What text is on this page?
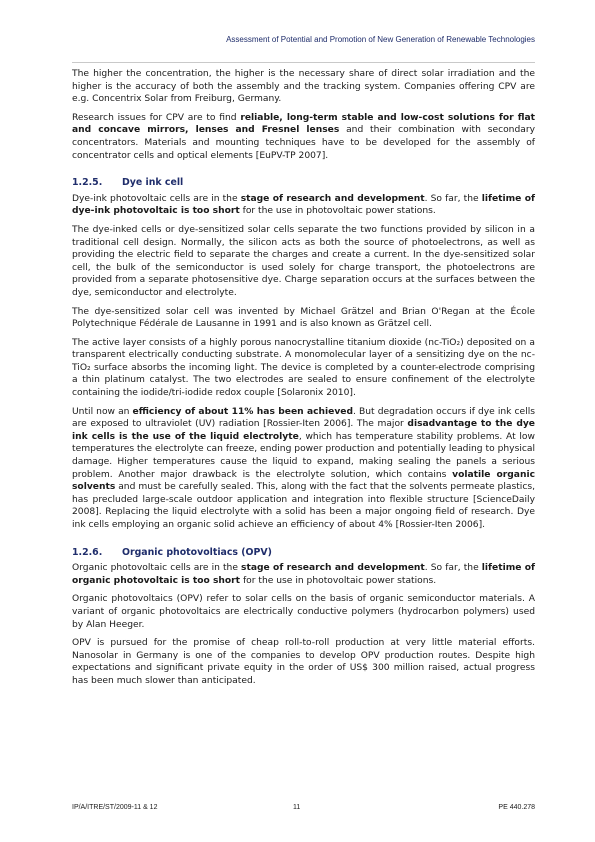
Assessment of Potential and Promotion of New Generation of Renewable Technologies

The higher the concentration, the higher is the necessary share of direct solar irradiation and the higher is the accuracy of both the assembly and the tracking system. Companies offering CPV are e.g. Concentrix Solar from Freiburg, Germany.

Research issues for CPV are to find reliable, long-term stable and low-cost solutions for flat and concave mirrors, lenses and Fresnel lenses and their combination with secondary concentrators. Materials and mounting techniques have to be developed for the assembly of concentrator cells and optical elements [EuPV-TP 2007].

1.2.5. Dye ink cell

Dye-ink photovoltaic cells are in the stage of research and development. So far, the lifetime of dye-ink photovoltaic is too short for the use in photovoltaic power stations.

The dye-inked cells or dye-sensitized solar cells separate the two functions provided by silicon in a traditional cell design. Normally, the silicon acts as both the source of photoelectrons, as well as providing the electric field to separate the charges and create a current. In the dye-sensitized solar cell, the bulk of the semiconductor is used solely for charge transport, the photoelectrons are provided from a separate photosensitive dye. Charge separation occurs at the surfaces between the dye, semiconductor and electrolyte.

The dye-sensitized solar cell was invented by Michael Grätzel and Brian O'Regan at the École Polytechnique Fédérale de Lausanne in 1991 and is also known as Grätzel cell.

The active layer consists of a highly porous nanocrystalline titanium dioxide (nc-TiO₂) deposited on a transparent electrically conducting substrate. A monomolecular layer of a sensitizing dye on the nc-TiO₂ surface absorbs the incoming light. The device is completed by a counter-electrode comprising a thin platinum catalyst. The two electrodes are sealed to ensure confinement of the electrolyte containing the iodide/tri-iodide redox couple [Solaronix 2010].

Until now an efficiency of about 11% has been achieved. But degradation occurs if dye ink cells are exposed to ultraviolet (UV) radiation [Rossier-Iten 2006]. The major disadvantage to the dye ink cells is the use of the liquid electrolyte, which has temperature stability problems. At low temperatures the electrolyte can freeze, ending power production and potentially leading to physical damage. Higher temperatures cause the liquid to expand, making sealing the panels a serious problem. Another major drawback is the electrolyte solution, which contains volatile organic solvents and must be carefully sealed. This, along with the fact that the solvents permeate plastics, has precluded large-scale outdoor application and integration into flexible structure [ScienceDaily 2008]. Replacing the liquid electrolyte with a solid has been a major ongoing field of research. Dye ink cells employing an organic solid achieve an efficiency of about 4% [Rossier-Iten 2006].

1.2.6. Organic photovoltiacs (OPV)

Organic photovoltaic cells are in the stage of research and development. So far, the lifetime of organic photovoltaic is too short for the use in photovoltaic power stations.

Organic photovoltaics (OPV) refer to solar cells on the basis of organic semiconductor materials. A variant of organic photovoltaics are electrically conductive polymers (hydrocarbon polymers) used by Alan Heeger.

OPV is pursued for the promise of cheap roll-to-roll production at very little material efforts. Nanosolar in Germany is one of the companies to develop OPV production routes. Despite high expectations and significant private equity in the order of US$ 300 million raised, actual progress has been much slower than anticipated.

IP/A/ITRE/ST/2009-11 & 12	11	PE 440.278
